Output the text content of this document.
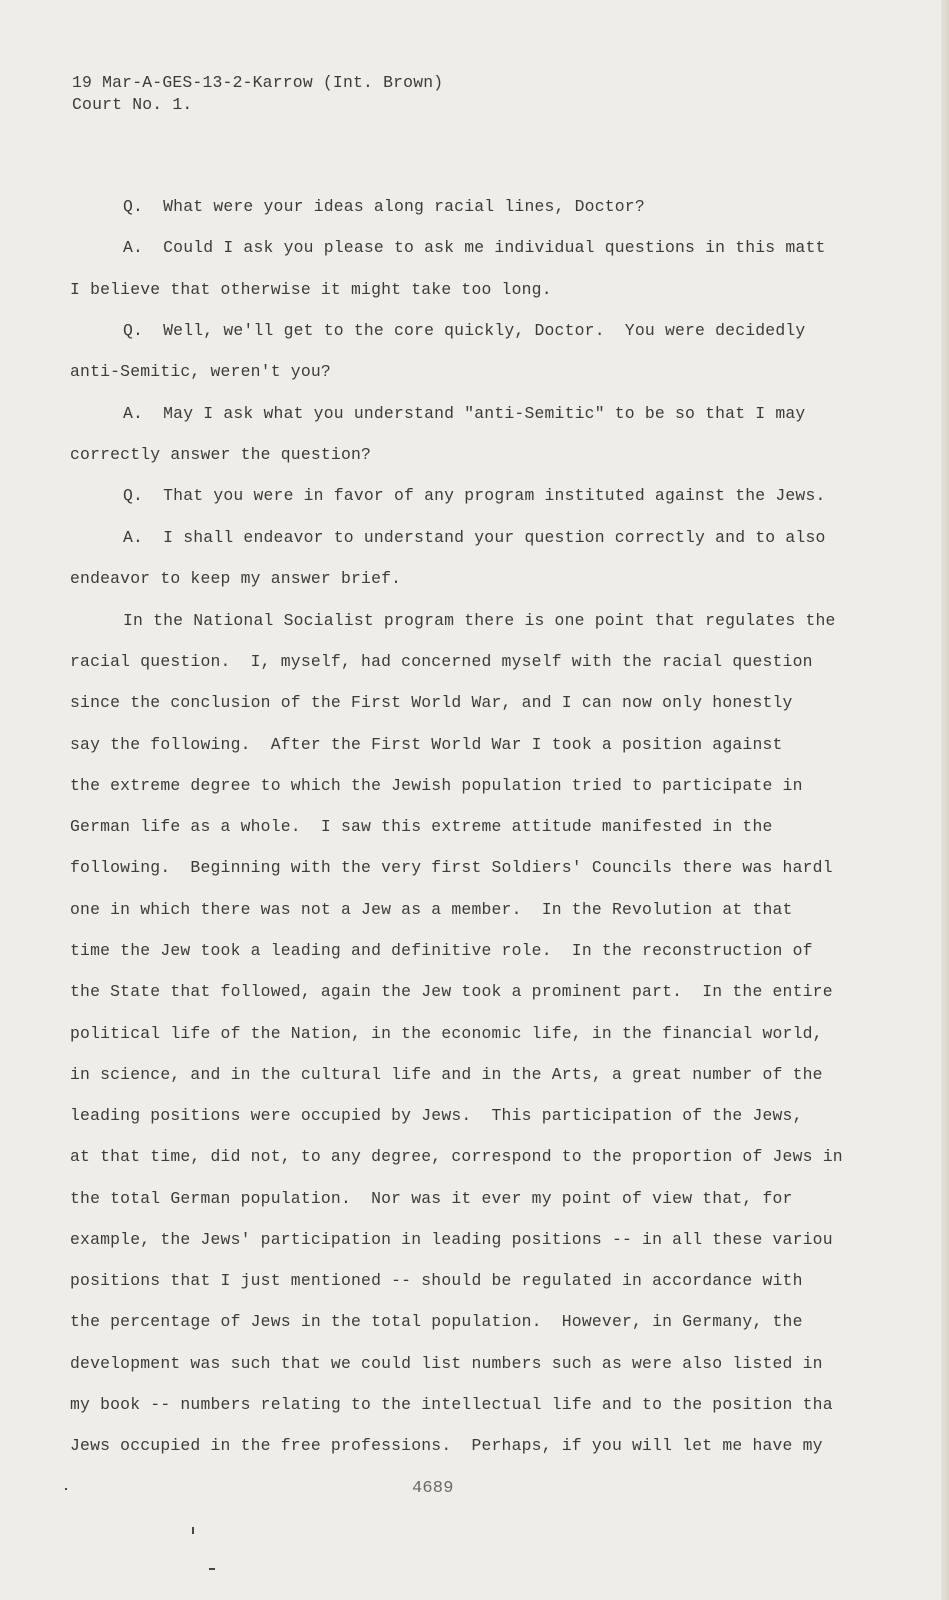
19 Mar-A-GES-13-2-Karrow (Int. Brown)
Court No. 1.
Q.  What were your ideas along racial lines, Doctor?
A.  Could I ask you please to ask me individual questions in this matt
I believe that otherwise it might take too long.
Q.  Well, we'll get to the core quickly, Doctor.  You were decidedly
anti-Semitic, weren't you?
A.  May I ask what you understand "anti-Semitic" to be so that I may
correctly answer the question?
Q.  That you were in favor of any program instituted against the Jews.
A.  I shall endeavor to understand your question correctly and to also
endeavor to keep my answer brief.
In the National Socialist program there is one point that regulates the
racial question.  I, myself, had concerned myself with the racial question
since the conclusion of the First World War, and I can now only honestly
say the following.  After the First World War I took a position against
the extreme degree to which the Jewish population tried to participate in
German life as a whole.  I saw this extreme attitude manifested in the
following.  Beginning with the very first Soldiers' Councils there was hardl
one in which there was not a Jew as a member.  In the Revolution at that
time the Jew took a leading and definitive role.  In the reconstruction of
the State that followed, again the Jew took a prominent part.  In the entire
political life of the Nation, in the economic life, in the financial world,
in science, and in the cultural life and in the Arts, a great number of the
leading positions were occupied by Jews.  This participation of the Jews,
at that time, did not, to any degree, correspond to the proportion of Jews in
the total German population.  Nor was it ever my point of view that, for
example, the Jews' participation in leading positions -- in all these variou
positions that I just mentioned -- should be regulated in accordance with
the percentage of Jews in the total population.  However, in Germany, the
development was such that we could list numbers such as were also listed in
my book -- numbers relating to the intellectual life and to the position tha
Jews occupied in the free professions.  Perhaps, if you will let me have my
4689
